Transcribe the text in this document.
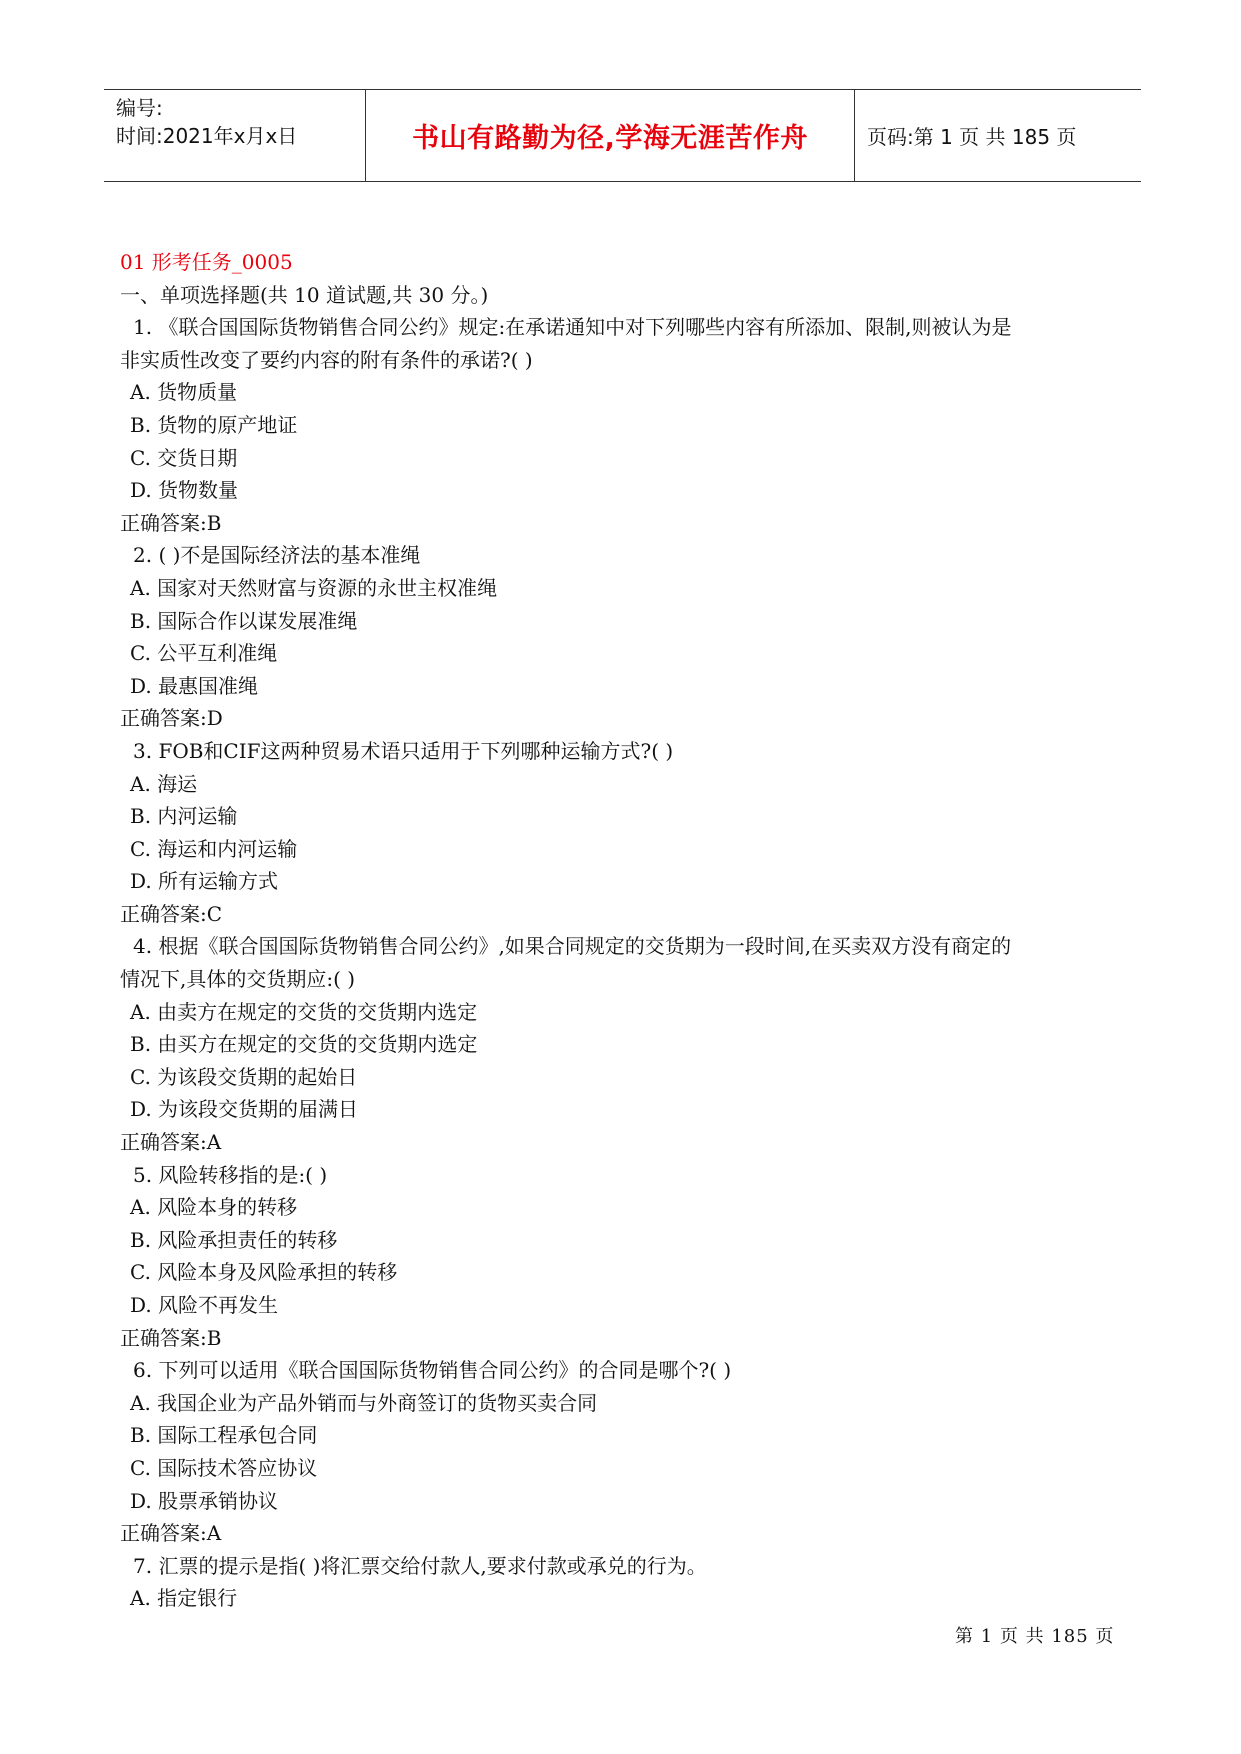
编号:
时间:2021年x月x日	书山有路勤为径,学海无涯苦作舟	页码:第 1 页 共 185 页
01 形考任务_0005
一、单项选择题(共 10 道试题,共 30 分。)
1. 《联合国国际货物销售合同公约》规定:在承诺通知中对下列哪些内容有所添加、限制,则被认为是
非实质性改变了要约内容的附有条件的承诺?( )
A. 货物质量
B. 货物的原产地证
C. 交货日期
D. 货物数量
正确答案:B
2. ( )不是国际经济法的基本准绳
A. 国家对天然财富与资源的永世主权准绳
B. 国际合作以谋发展准绳
C. 公平互利准绳
D. 最惠国准绳
正确答案:D
3. FOB和CIF这两种贸易术语只适用于下列哪种运输方式?( )
A. 海运
B. 内河运输
C. 海运和内河运输
D. 所有运输方式
正确答案:C
4. 根据《联合国国际货物销售合同公约》,如果合同规定的交货期为一段时间,在买卖双方没有商定的
情况下,具体的交货期应:( )
A. 由卖方在规定的交货的交货期内选定
B. 由买方在规定的交货的交货期内选定
C. 为该段交货期的起始日
D. 为该段交货期的届满日
正确答案:A
5. 风险转移指的是:( )
A. 风险本身的转移
B. 风险承担责任的转移
C. 风险本身及风险承担的转移
D. 风险不再发生
正确答案:B
6. 下列可以适用《联合国国际货物销售合同公约》的合同是哪个?( )
A. 我国企业为产品外销而与外商签订的货物买卖合同
B. 国际工程承包合同
C. 国际技术答应协议
D. 股票承销协议
正确答案:A
7. 汇票的提示是指( )将汇票交给付款人,要求付款或承兑的行为。
A. 指定银行
第 1 页 共 185 页
